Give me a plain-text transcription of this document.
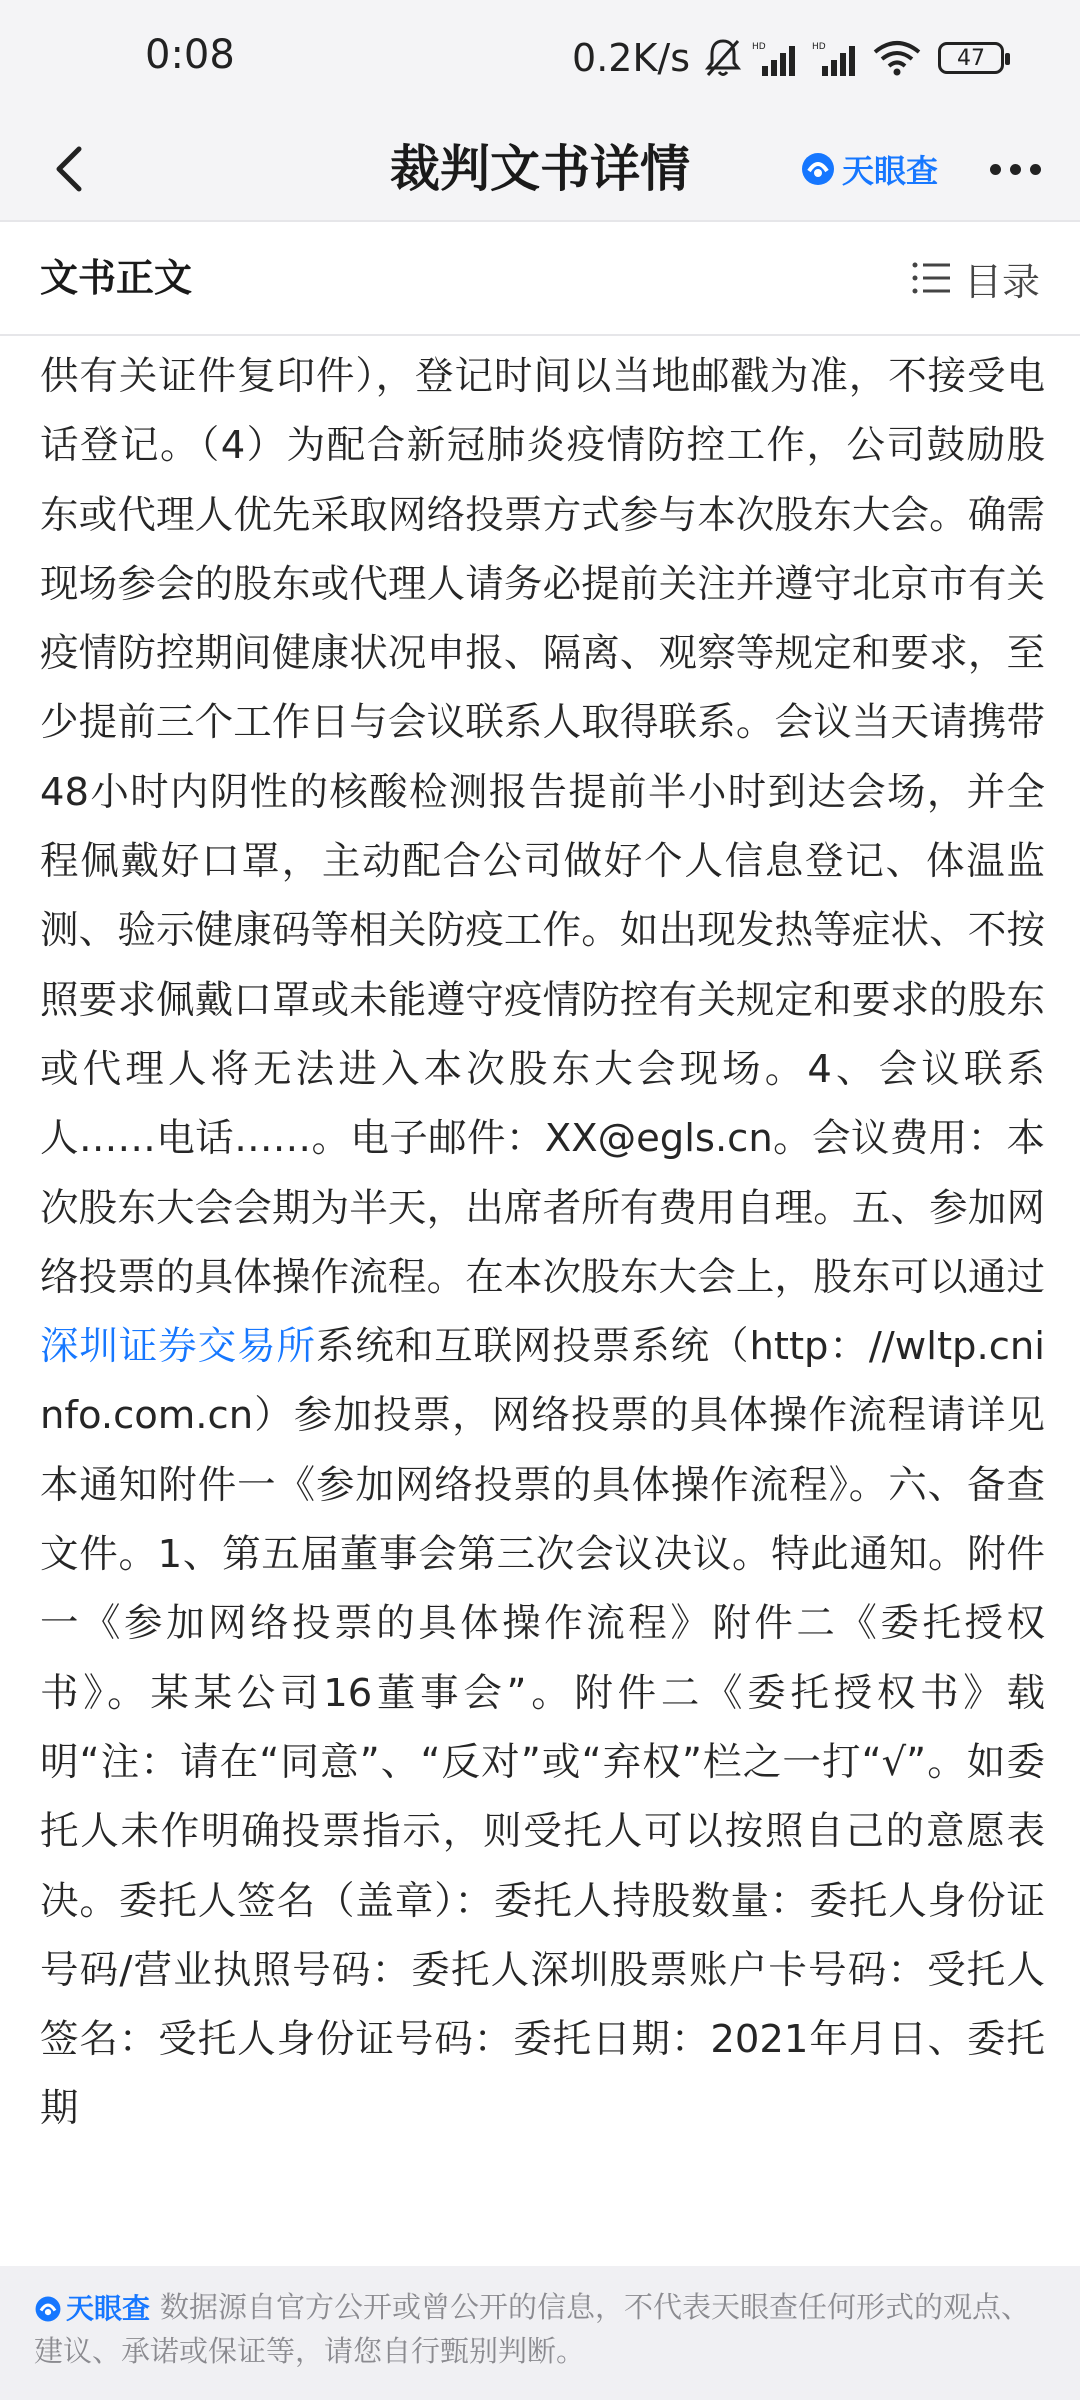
0:08	0.2K/s	HD	HD	47
裁判文书详情	天眼查
文书正文	目录

供有关证件复印件），登记时间以当地邮戳为准，不接受电话登记。（4）为配合新冠肺炎疫情防控工作，公司鼓励股东或代理人优先采取网络投票方式参与本次股东大会。确需现场参会的股东或代理人请务必提前关注并遵守北京市有关疫情防控期间健康状况申报、隔离、观察等规定和要求，至少提前三个工作日与会议联系人取得联系。会议当天请携带48小时内阴性的核酸检测报告提前半小时到达会场，并全程佩戴好口罩，主动配合公司做好个人信息登记、体温监测、验示健康码等相关防疫工作。如出现发热等症状、不按照要求佩戴口罩或未能遵守疫情防控有关规定和要求的股东或代理人将无法进入本次股东大会现场。4、会议联系人……电话……。电子邮件：XX@egls.cn。会议费用：本次股东大会会期为半天，出席者所有费用自理。五、参加网络投票的具体操作流程。在本次股东大会上，股东可以通过深圳证券交易所系统和互联网投票系统（http：//wltp.cninfo.com.cn）参加投票，网络投票的具体操作流程请详见本通知附件一《参加网络投票的具体操作流程》。六、备查文件。1、第五届董事会第三次会议决议。特此通知。附件一《参加网络投票的具体操作流程》附件二《委托授权书》。某某公司16董事会”。附件二《委托授权书》载明“注：请在“同意”、“反对”或“弃权”栏之一打“√”。如委托人未作明确投票指示，则受托人可以按照自己的意愿表决。委托人签名（盖章）：委托人持股数量：委托人身份证号码/营业执照号码：委托人深圳股票账户卡号码：受托人签名：受托人身份证号码：委托日期：2021年月日、委托期

天眼查 数据源自官方公开或曾公开的信息，不代表天眼查任何形式的观点、建议、承诺或保证等，请您自行甄别判断。
